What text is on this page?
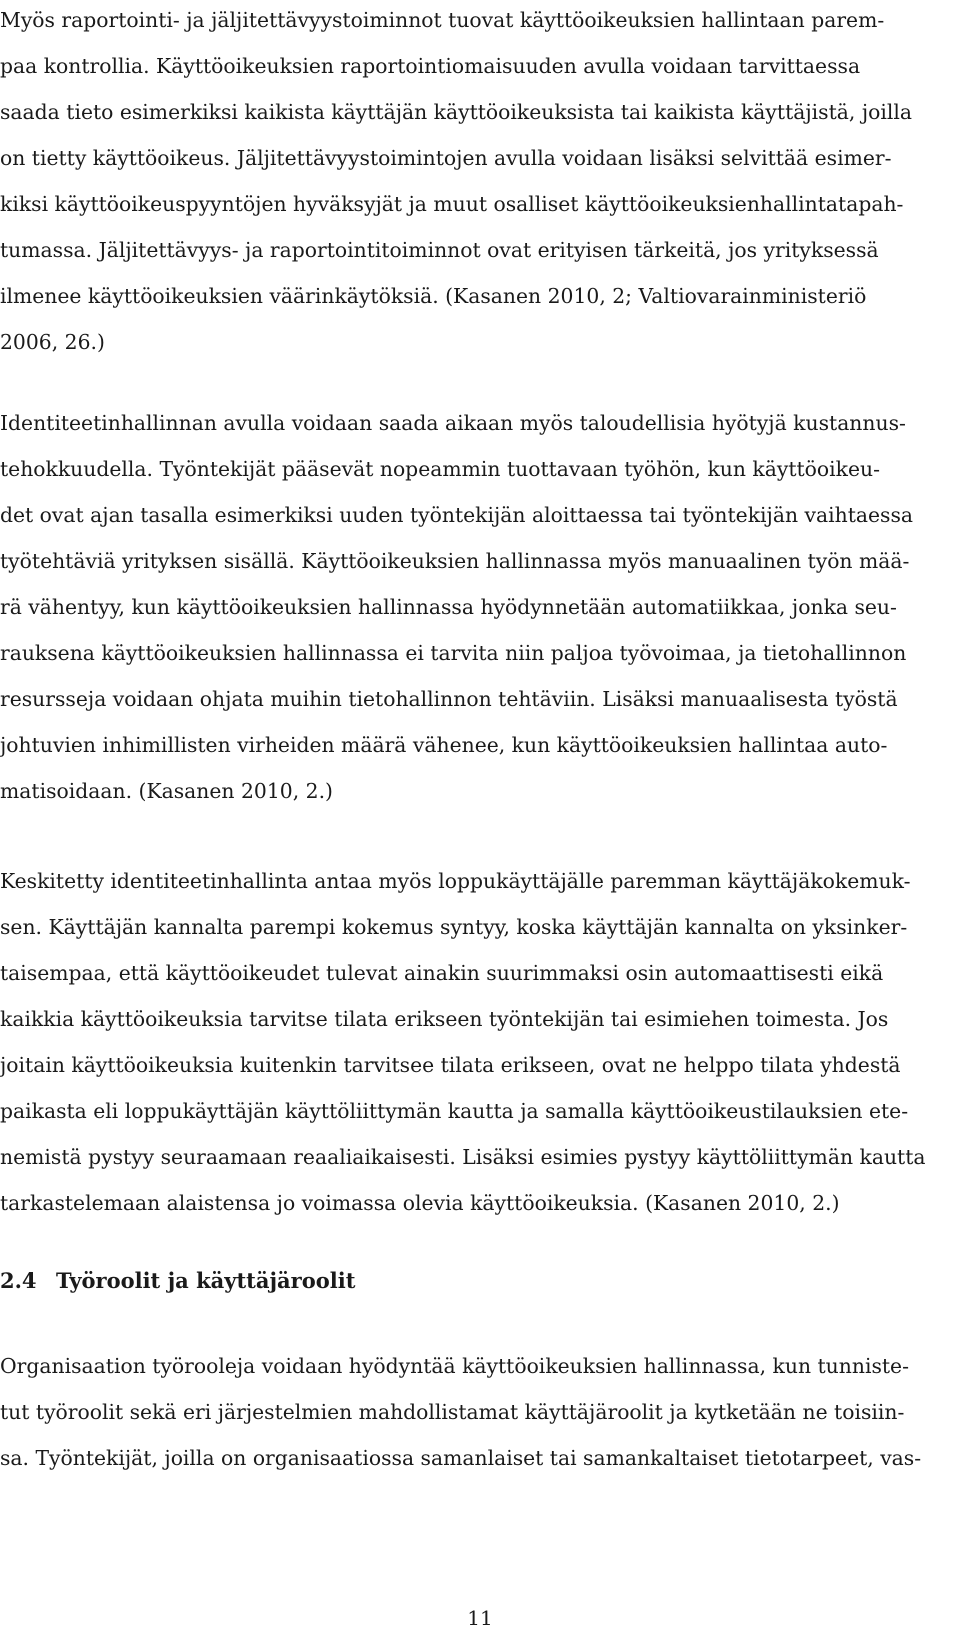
Myös raportointi- ja jäljitettävyystoiminnot tuovat käyttöoikeuksien hallintaan parem-
paa kontrollia. Käyttöoikeuksien raportointiomaisuuden avulla voidaan tarvittaessa
saada tieto esimerkiksi kaikista käyttäjän käyttöoikeuksista tai kaikista käyttäjistä, joilla
on tietty käyttöoikeus. Jäljitettävyystoimintojen avulla voidaan lisäksi selvittää esimer-
kiksi käyttöoikeuspyyntöjen hyväksyjät ja muut osalliset käyttöoikeuksienhallintatapah-
tumassa. Jäljitettävyys- ja raportointitoiminnot ovat erityisen tärkeitä, jos yrityksessä
ilmenee käyttöoikeuksien väärinkäytöksiä. (Kasanen 2010, 2; Valtiovarainministeriö
2006, 26.)

Identiteetinhallinnan avulla voidaan saada aikaan myös taloudellisia hyötyjä kustannus-
tehokkuudella. Työntekijät pääsevät nopeammin tuottavaan työhön, kun käyttöoikeu-
det ovat ajan tasalla esimerkiksi uuden työntekijän aloittaessa tai työntekijän vaihtaessa
työtehtäviä yrityksen sisällä. Käyttöoikeuksien hallinnassa myös manuaalinen työn mää-
rä vähentyy, kun käyttöoikeuksien hallinnassa hyödynnetään automatiikkaa, jonka seu-
rauksena käyttöoikeuksien hallinnassa ei tarvita niin paljoa työvoimaa, ja tietohallinnon
resursseja voidaan ohjata muihin tietohallinnon tehtäviin. Lisäksi manuaalisesta työstä
johtuvien inhimillisten virheiden määrä vähenee, kun käyttöoikeuksien hallintaa auto-
matisoidaan. (Kasanen 2010, 2.)

Keskitetty identiteetinhallinta antaa myös loppukäyttäjälle paremman käyttäjäkokemuk-
sen. Käyttäjän kannalta parempi kokemus syntyy, koska käyttäjän kannalta on yksinker-
taisempaa, että käyttöoikeudet tulevat ainakin suurimmaksi osin automaattisesti eikä
kaikkia käyttöoikeuksia tarvitse tilata erikseen työntekijän tai esimiehen toimesta. Jos
joitain käyttöoikeuksia kuitenkin tarvitsee tilata erikseen, ovat ne helppo tilata yhdestä
paikasta eli loppukäyttäjän käyttöliittymän kautta ja samalla käyttöoikeustilauksien ete-
nemistä pystyy seuraamaan reaaliaikaisesti. Lisäksi esimies pystyy käyttöliittymän kautta
tarkastelemaan alaistensa jo voimassa olevia käyttöoikeuksia. (Kasanen 2010, 2.)

2.4 Työroolit ja käyttäjäroolit

Organisaation työrooleja voidaan hyödyntää käyttöoikeuksien hallinnassa, kun tunniste-
tut työroolit sekä eri järjestelmien mahdollistamat käyttäjäroolit ja kytketään ne toisiin-
sa. Työntekijät, joilla on organisaatiossa samanlaiset tai samankaltaiset tietotarpeet, vas-

11
